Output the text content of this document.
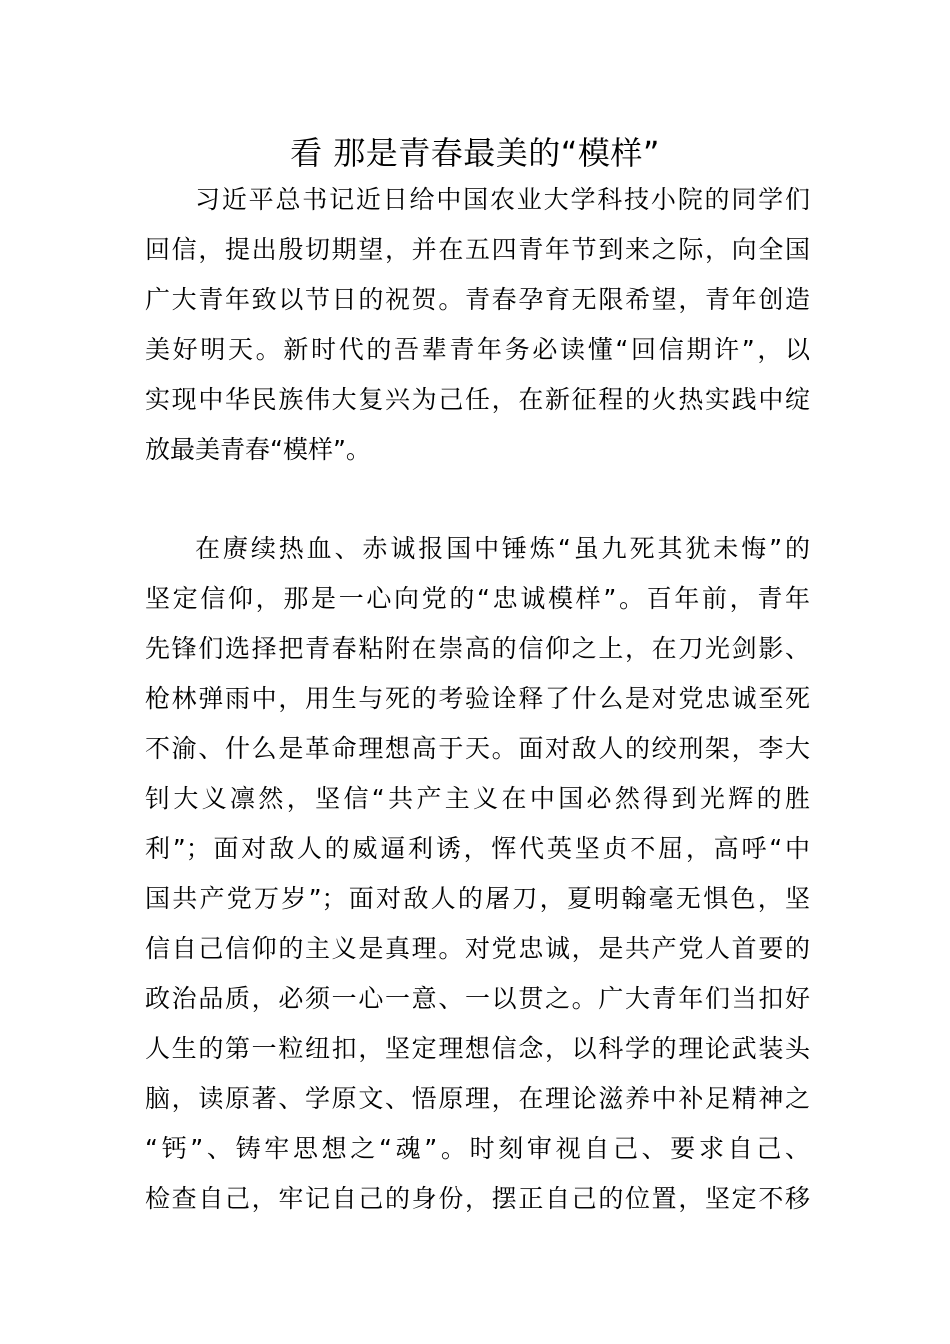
看 那是青春最美的“模样”
习近平总书记近日给中国农业大学科技小院的同学们
回信，提出殷切期望，并在五四青年节到来之际，向全国
广大青年致以节日的祝贺。青春孕育无限希望，青年创造
美好明天。新时代的吾辈青年务必读懂“回信期许”，以
实现中华民族伟大复兴为己任，在新征程的火热实践中绽
放最美青春“模样”。
在赓续热血、赤诚报国中锤炼“虽九死其犹未悔”的
坚定信仰，那是一心向党的“忠诚模样”。百年前，青年
先锋们选择把青春粘附在崇高的信仰之上，在刀光剑影、
枪林弹雨中，用生与死的考验诠释了什么是对党忠诚至死
不渝、什么是革命理想高于天。面对敌人的绞刑架，李大
钊大义凛然，坚信“共产主义在中国必然得到光辉的胜
利”；面对敌人的威逼利诱，恽代英坚贞不屈，高呼“中
国共产党万岁”；面对敌人的屠刀，夏明翰毫无惧色，坚
信自己信仰的主义是真理。对党忠诚，是共产党人首要的
政治品质，必须一心一意、一以贯之。广大青年们当扣好
人生的第一粒纽扣，坚定理想信念，以科学的理论武装头
脑，读原著、学原文、悟原理，在理论滋养中补足精神之
“钙”、铸牢思想之“魂”。时刻审视自己、要求自己、
检查自己，牢记自己的身份，摆正自己的位置，坚定不移
